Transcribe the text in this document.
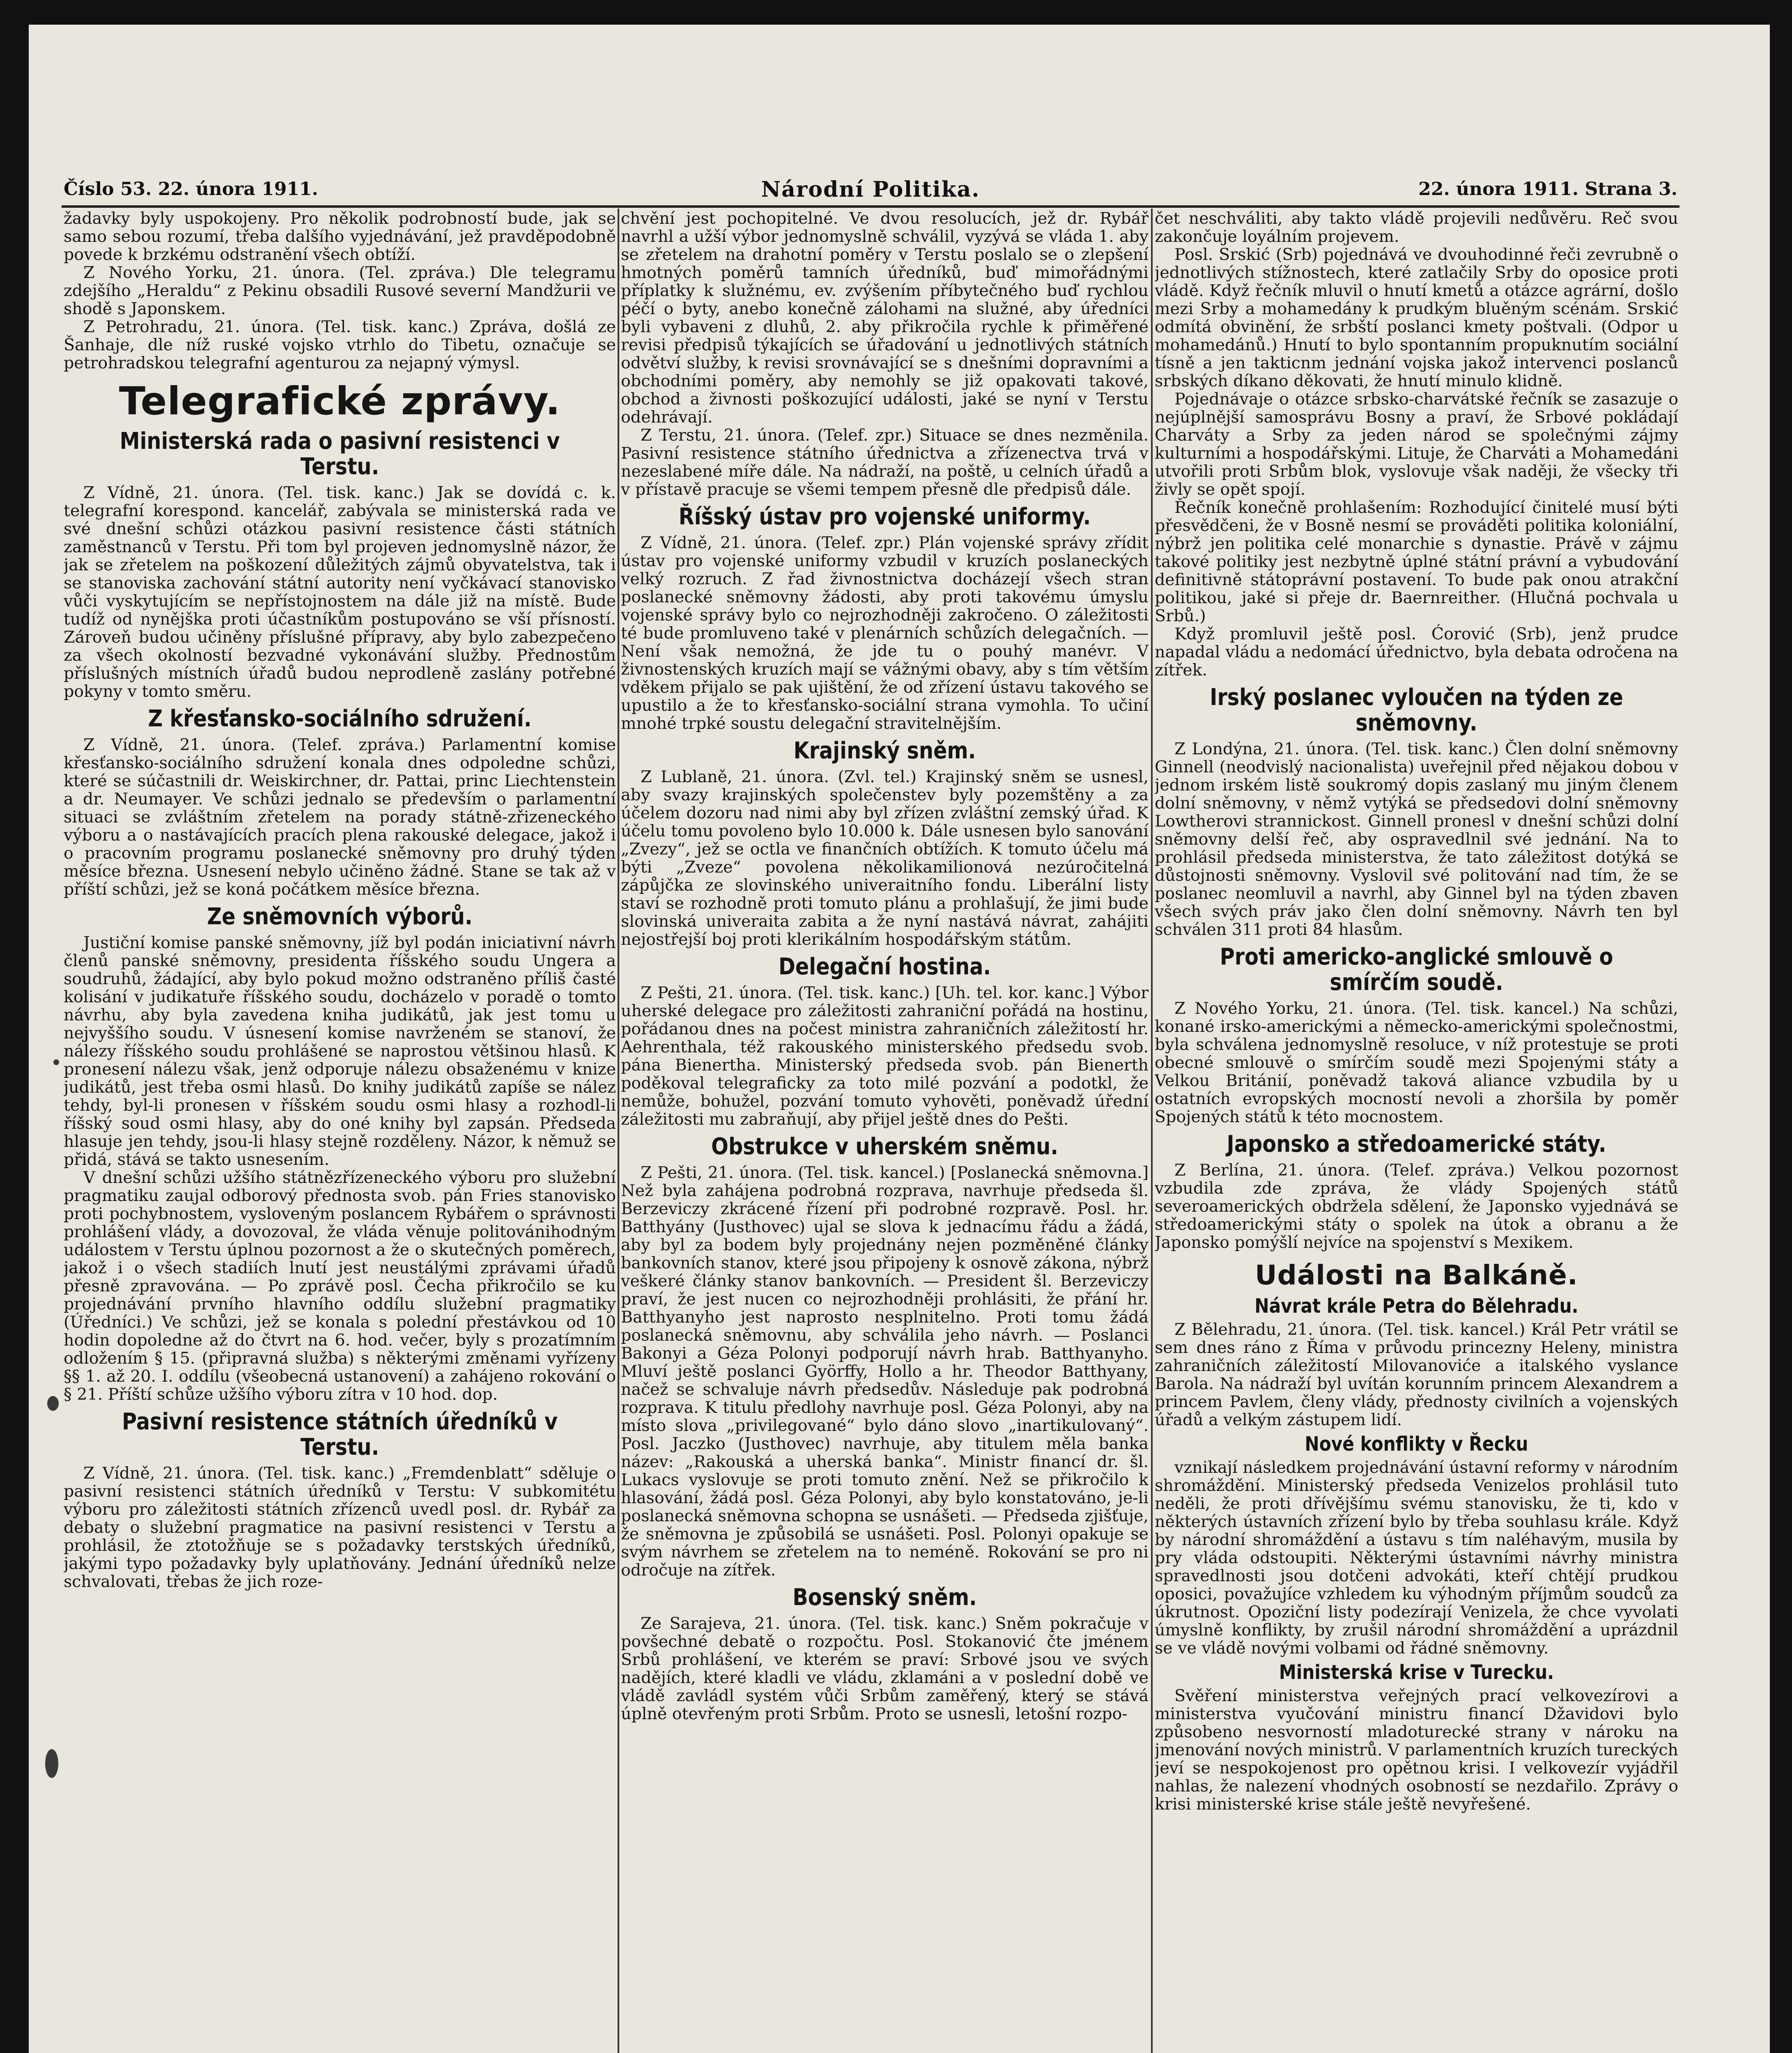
Číslo 53. 22. února 1911.	Národní Politika.	22. února 1911. Strana 3.

žadavky byly uspokojeny. Pro několik podrobností bude, jak se samo sebou rozumí, třeba dalšího vyjednávání, jež pravděpodobně povede k brzkému odstranění všech obtíží.

Z Nového Yorku, 21. února. (Tel. zpráva.) Dle telegramu zdejšího „Heraldu“ z Pekinu obsadili Rusové severní Mandžurii ve shodě s Japonskem.

Z Petrohradu, 21. února. (Tel. tisk. kanc.) Zpráva, došlá ze Šanhaje, dle níž ruské vojsko vtrhlo do Tibetu, označuje se petrohradskou telegrafní agenturou za nejapný výmysl.

Telegrafické zprávy.
Ministerská rada o pasivní resistenci v Terstu.

Z Vídně, 21. února. (Tel. tisk. kanc.) Jak se dovídá c. k. telegrafní korespond. kancelář, zabývala se ministerská rada ve své dnešní schůzi otázkou pasivní resistence části státních zaměstnanců v Terstu. Při tom byl projeven jednomyslně názor, že jak se zřetelem na poškození důležitých zájmů obyvatelstva, tak i se stanoviska zachování státní autority není vyčkávací stanovisko vůči vyskytujícím se nepřístojnostem na dále již na místě. Bude tudíž od nynějška proti účastníkům postupováno se vší přísností. Zároveň budou učiněny příslušné přípravy, aby bylo zabezpečeno za všech okolností bezvadné vykonávání služby. Přednostům příslušných místních úřadů budou neprodleně zaslány potřebné pokyny v tomto směru.

Z křesťansko-sociálního sdružení.

Z Vídně, 21. února. (Telef. zpráva.) Parlamentní komise křesťansko-sociálního sdružení konala dnes odpoledne schůzi, které se súčastnili dr. Weiskirchner, dr. Pattai, princ Liechtenstein a dr. Neumayer. Ve schůzi jednalo se především o parlamentní situaci se zvláštním zřetelem na porady státně-zřizeneckého výboru a o nastávajících pracích plena rakouské delegace, jakož i o pracovním programu poslanecké sněmovny pro druhý týden měsíce března. Usnesení nebylo učiněno žádné. Stane se tak až v příští schůzi, jež se koná počátkem měsíce března.

Ze sněmovních výborů.

Justiční komise panské sněmovny, jíž byl podán iniciativní návrh členů panské sněmovny, presidenta říšského soudu Ungera a soudruhů, žádající, aby bylo pokud možno odstraněno příliš časté kolisání v judikatuře říšského soudu, docházelo v poradě o tomto návrhu, aby byla zavedena kniha judikátů, jak jest tomu u nejvyššího soudu. V úsnesení komise navrženém se stanoví, že nálezy říšského soudu prohlášené se naprostou většinou hlasů. K pronesení nálezu však, jenž odporuje nálezu obsaženému v knize judikátů, jest třeba osmi hlasů. Do knihy judikátů zapíše se nález tehdy, byl-li pronesen v říšském soudu osmi hlasy a rozhodl-li říšský soud osmi hlasy, aby do oné knihy byl zapsán. Předseda hlasuje jen tehdy, jsou-li hlasy stejně rozděleny. Názor, k němuž se přidá, stává se takto usnesením.

V dnešní schůzi užšího státnězřízeneckého výboru pro služební pragmatiku zaujal odborový přednosta svob. pán Fries stanovisko proti pochybnostem, vysloveným poslancem Rybářem o správnosti prohlášení vlády, a dovozoval, že vláda věnuje politovánihodným událostem v Terstu úplnou pozornost a že o skutečných poměrech, jakož i o všech stadiích lnutí jest neustálými zprávami úřadů přesně zpravována. — Po zprávě posl. Čecha přikročilo se ku projednávání prvního hlavního oddílu služební pragmatiky (Úředníci.) Ve schůzi, jež se konala s polední přestávkou od 10 hodin dopoledne až do čtvrt na 6. hod. večer, byly s prozatímním odložením § 15. (připravná služba) s některými změnami vyřízeny §§ 1. až 20. I. oddílu (všeobecná ustanovení) a zahájeno rokování o § 21. Příští schůze užšího výboru zítra v 10 hod. dop.

Pasivní resistence státních úředníků v Terstu.

Z Vídně, 21. února. (Tel. tisk. kanc.) „Fremdenblatt“ sděluje o pasivní resistenci státních úředníků v Terstu: V subkomitétu výboru pro záležitosti státních zřízenců uvedl posl. dr. Rybář za debaty o služební pragmatice na pasivní resistenci v Terstu a prohlásil, že ztotožňuje se s požadavky terstských úředníků, jakými typo požadavky byly uplatňovány. Jednání úředníků nelze schvalovati, třebas že jich roze-

chvění jest pochopitelné. Ve dvou resolucích, jež dr. Rybář navrhl a užší výbor jednomyslně schválil, vyzývá se vláda 1. aby se zřetelem na drahotní poměry v Terstu poslalo se o zlepšení hmotných poměrů tamních úředníků, buď mimořádnými příplatky k služnému, ev. zvýšením příbytečného buď rychlou péčí o byty, anebo konečně zálohami na služné, aby úředníci byli vybaveni z dluhů, 2. aby přikročila rychle k přiměřené revisi předpisů týkajících se úřadování u jednotlivých státních odvětví služby, k revisi srovnávající se s dnešními dopravními a obchodními poměry, aby nemohly se již opakovati takové, obchod a živnosti poškozující události, jaké se nyní v Terstu odehrávají.

Z Terstu, 21. února. (Telef. zpr.) Situace se dnes nezměnila. Pasivní resistence státního úřednictva a zřízenectva trvá v nezeslabené míře dále. Na nádraží, na poště, u celních úřadů a v přístavě pracuje se všemi tempem přesně dle předpisů dále.

Říšský ústav pro vojenské uniformy.

Z Vídně, 21. února. (Telef. zpr.) Plán vojenské správy zřídit ústav pro vojenské uniformy vzbudil v kruzích poslaneckých velký rozruch. Z řad živnostnictva docházejí všech stran poslanecké sněmovny žádosti, aby proti takovému úmyslu vojenské správy bylo co nejrozhodněji zakročeno. O záležitosti té bude promluveno také v plenárních schůzích delegačních. — Není však nemožná, že jde tu o pouhý manévr. V živnostenských kruzích mají se vážnými obavy, aby s tím větším vděkem přijalo se pak ujištění, že od zřízení ústavu takového se upustilo a že to křesťansko-sociální strana vymohla. To učiní mnohé trpké soustu delegační stravitelnějším.

Krajinský sněm.

Z Lublaně, 21. února. (Zvl. tel.) Krajinský sněm se usnesl, aby svazy krajinských společenstev byly pozemštěny a za účelem dozoru nad nimi aby byl zřízen zvláštní zemský úřad. K účelu tomu povoleno bylo 10.000 k. Dále usnesen bylo sanování „Zvezy“, jež se octla ve finančních obtížích. K tomuto účelu má býti „Zveze“ povolena několikamilionová nezúročitelná zápůjčka ze slovinského univeraitního fondu. Liberální listy staví se rozhodně proti tomuto plánu a prohlašují, že jimi bude slovinská univeraita zabita a že nyní nastává návrat, zahájiti nejostřejší boj proti klerikálním hospodářským státům.

Delegační hostina.

Z Pešti, 21. února. (Tel. tisk. kanc.) [Uh. tel. kor. kanc.] Výbor uherské delegace pro záležitosti zahraniční pořádá na hostinu, pořádanou dnes na počest ministra zahraničních záležitostí hr. Aehrenthala, též rakouského ministerského předsedu svob. pána Bienertha. Ministerský předseda svob. pán Bienerth poděkoval telegraficky za toto milé pozvání a podotkl, že nemůže, bohužel, pozvání tomuto vyhověti, poněvadž úřední záležitosti mu zabraňují, aby přijel ještě dnes do Pešti.

Obstrukce v uherském sněmu.

Z Pešti, 21. února. (Tel. tisk. kancel.) [Poslanecká sněmovna.] Než byla zahájena podrobná rozprava, navrhuje předseda šl. Berzeviczy zkrácené řízení při podrobné rozpravě. Posl. hr. Batthyány (Justhovec) ujal se slova k jednacímu řádu a žádá, aby byl za bodem byly projednány nejen pozměněné články bankovních stanov, které jsou připojeny k osnově zákona, nýbrž veškeré články stanov bankovních. — President šl. Berzeviczy praví, že jest nucen co nejrozhodněji prohlásiti, že přání hr. Batthyanyho jest naprosto nesplnitelno. Proti tomu žádá poslanecká sněmovnu, aby schválila jeho návrh. — Poslanci Bakonyi a Géza Polonyi podporují návrh hrab. Batthyanyho. Mluví ještě poslanci Györffy, Hollo a hr. Theodor Batthyany, načež se schvaluje návrh předsedův. Následuje pak podrobná rozprava. K titulu předlohy navrhuje posl. Géza Polonyi, aby na místo slova „privilegované“ bylo dáno slovo „inartikulovaný“. Posl. Jaczko (Justhovec) navrhuje, aby titulem měla banka název: „Rakouská a uherská banka“. Ministr financí dr. šl. Lukacs vyslovuje se proti tomuto znění. Než se přikročilo k hlasování, žádá posl. Géza Polonyi, aby bylo konstatováno, je-li poslanecká sněmovna schopna se usnášeti. — Předseda zjišťuje, že sněmovna je způsobilá se usnášeti. Posl. Polonyi opakuje se svým návrhem se zřetelem na to neméně. Rokování se pro ni odročuje na zítřek.

Bosenský sněm.

Ze Sarajeva, 21. února. (Tel. tisk. kanc.) Sněm pokračuje v povšechné debatě o rozpočtu. Posl. Stokanović čte jménem Srbů prohlášení, ve kterém se praví: Srbové jsou ve svých nadějích, které kladli ve vládu, zklamáni a v poslední době ve vládě zavládl systém vůči Srbům zaměřený, který se stává úplně otevřeným proti Srbům. Proto se usnesli, letošní rozpo-

čet neschváliti, aby takto vládě projevili nedůvěru. Reč svou zakončuje loyálním projevem.

Posl. Srskić (Srb) pojednává ve dvouhodinné řeči zevrubně o jednotlivých stížnostech, které zatlačily Srby do oposice proti vládě. Když řečník mluvil o hnutí kmetů a otázce agrární, došlo mezi Srby a mohamedány k prudkým bluěným scénám. Srskić odmítá obvinění, že srbští poslanci kmety poštvali. (Odpor u mohamedánů.) Hnutí to bylo spontanním propuknutím sociální tísně a jen takticnm jednání vojska jakož intervenci poslanců srbských díkano děkovati, že hnutí minulo klidně.

Pojednávaje o otázce srbsko-charvátské řečník se zasazuje o nejúplnější samosprávu Bosny a praví, že Srbové pokládají Charváty a Srby za jeden národ se společnými zájmy kulturními a hospodářskými. Lituje, že Charváti a Mohamedáni utvořili proti Srbům blok, vyslovuje však naději, že všecky tři živly se opět spojí.

Řečník konečně prohlašením: Rozhodující činitelé musí býti přesvědčeni, že v Bosně nesmí se prováděti politika koloniální, nýbrž jen politika celé monarchie s dynastie. Právě v zájmu takové politiky jest nezbytně úplné státní právní a vybudování definitivně státoprávní postavení. To bude pak onou atrakční politikou, jaké si přeje dr. Baernreither. (Hlučná pochvala u Srbů.)

Když promluvil ještě posl. Ćorović (Srb), jenž prudce napadal vládu a nedomácí úřednictvo, byla debata odročena na zítřek.

Irský poslanec vyloučen na týden ze sněmovny.

Z Londýna, 21. února. (Tel. tisk. kanc.) Člen dolní sněmovny Ginnell (neodvislý nacionalista) uveřejnil před nějakou dobou v jednom irském listě soukromý dopis zaslaný mu jiným členem dolní sněmovny, v němž vytýká se předsedovi dolní sněmovny Lowtherovi strannickost. Ginnell pronesl v dnešní schůzi dolní sněmovny delší řeč, aby ospravedlnil své jednání. Na to prohlásil předseda ministerstva, že tato záležitost dotýká se důstojnosti sněmovny. Vyslovil své politování nad tím, že se poslanec neomluvil a navrhl, aby Ginnel byl na týden zbaven všech svých práv jako člen dolní sněmovny. Návrh ten byl schválen 311 proti 84 hlasům.

Proti americko-anglické smlouvě o smírčím soudě.

Z Nového Yorku, 21. února. (Tel. tisk. kancel.) Na schůzi, konané irsko-americkými a německo-americkými společnostmi, byla schválena jednomyslně resoluce, v níž protestuje se proti obecné smlouvě o smírčím soudě mezi Spojenými státy a Velkou Británií, poněvadž taková aliance vzbudila by u ostatních evropských mocností nevoli a zhoršila by poměr Spojených států k této mocnostem.

Japonsko a středoamerické státy.

Z Berlína, 21. února. (Telef. zpráva.) Velkou pozornost vzbudila zde zpráva, že vlády Spojených států severoamerických obdržela sdělení, že Japonsko vyjednává se středoamerickými státy o spolek na útok a obranu a že Japonsko pomýšlí nejvíce na spojenství s Mexikem.

Události na Balkáně.
Návrat krále Petra do Bělehradu.

Z Bělehradu, 21. února. (Tel. tisk. kancel.) Král Petr vrátil se sem dnes ráno z Říma v průvodu princezny Heleny, ministra zahraničních záležitostí Milovanoviće a italského vyslance Barola. Na nádraží byl uvítán korunním princem Alexandrem a princem Pavlem, členy vlády, přednosty civilních a vojenských úřadů a velkým zástupem lidí.

Nové konflikty v Řecku

vznikají následkem projednávání ústavní reformy v národním shromáždění. Ministerský předseda Venizelos prohlásil tuto neděli, že proti dřívějšímu svému stanovisku, že ti, kdo v některých ústavních zřízení bylo by třeba souhlasu krále. Když by národní shromáždění a ústavu s tím naléhavým, musila by pry vláda odstoupiti. Některými ústavními návrhy ministra spravedlnosti jsou dotčeni advokáti, kteří chtějí prudkou oposici, považujíce vzhledem ku výhodným příjmům soudců za úkrutnost. Opoziční listy podezírají Venizela, že chce vyvolati úmyslně konflikty, by zrušil národní shromáždění a uprázdnil se ve vládě novými volbami od řádné sněmovny.

Ministerská krise v Turecku.

Svěření ministerstva veřejných prací velkovezírovi a ministerstva vyučování ministru financí Džavidovi bylo způsobeno nesvorností mladoturecké strany v nároku na jmenování nových ministrů. V parlamentních kruzích tureckých jeví se nespokojenost pro opětnou krisi. I velkovezír vyjádřil nahlas, že nalezení vhodných osobností se nezdařilo. Zprávy o krisi ministerské krise stále ještě nevyřešené.
